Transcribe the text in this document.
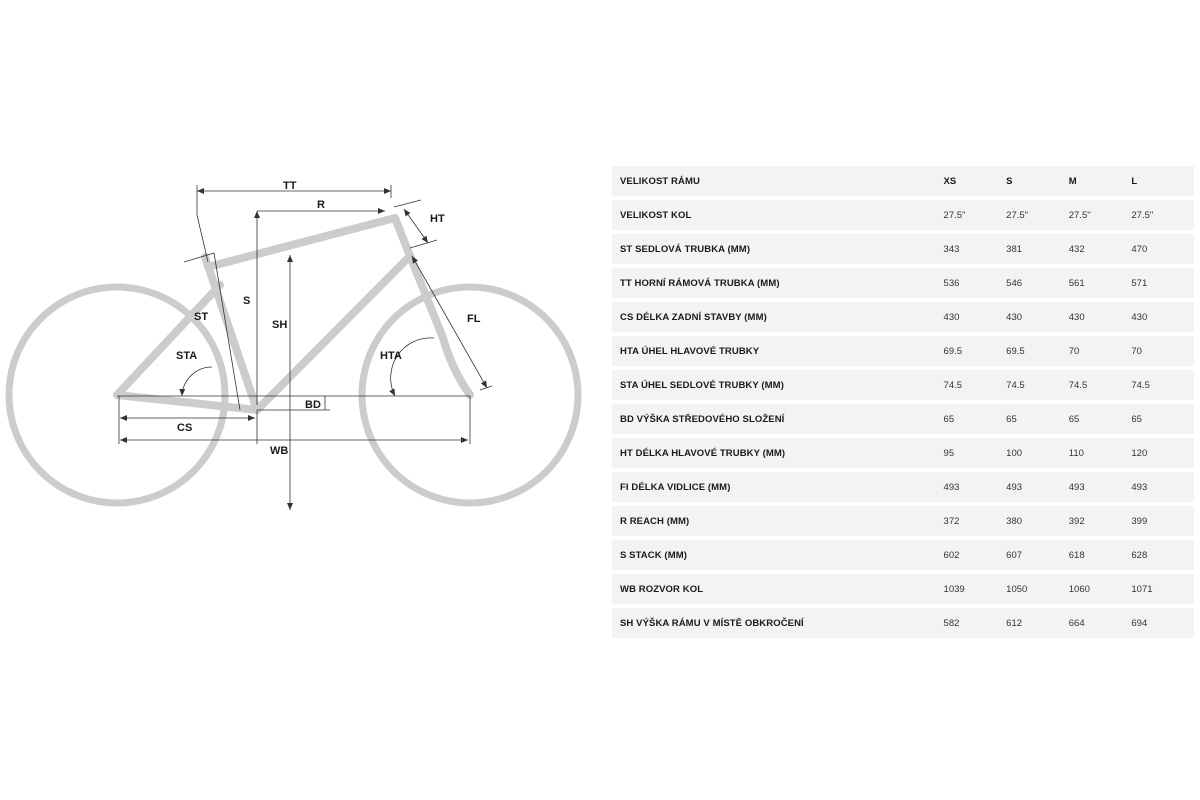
TT
R
HT
ST
S
SH	FL
STA	HTA
BD
CS
WB
VELIKOST RÁMU	XS	S	M	L
VELIKOST KOL	27.5"	27.5"	27.5"	27.5"
ST SEDLOVÁ TRUBKA (MM)	343	381	432	470
TT HORNÍ RÁMOVÁ TRUBKA (MM)	536	546	561	571
CS DÉLKA ZADNÍ STAVBY (MM)	430	430	430	430
HTA ÚHEL HLAVOVÉ TRUBKY	69.5	69.5	70	70
STA ÚHEL SEDLOVÉ TRUBKY (MM)	74.5	74.5	74.5	74.5
BD VÝŠKA STŘEDOVÉHO SLOŽENÍ	65	65	65	65
HT DÉLKA HLAVOVÉ TRUBKY (MM)	95	100	110	120
FI DÉLKA VIDLICE (MM)	493	493	493	493
R REACH (MM)	372	380	392	399
S STACK (MM)	602	607	618	628
WB ROZVOR KOL	1039	1050	1060	1071
SH VÝŠKA RÁMU V MÍSTĚ OBKROČENÍ	582	612	664	694
